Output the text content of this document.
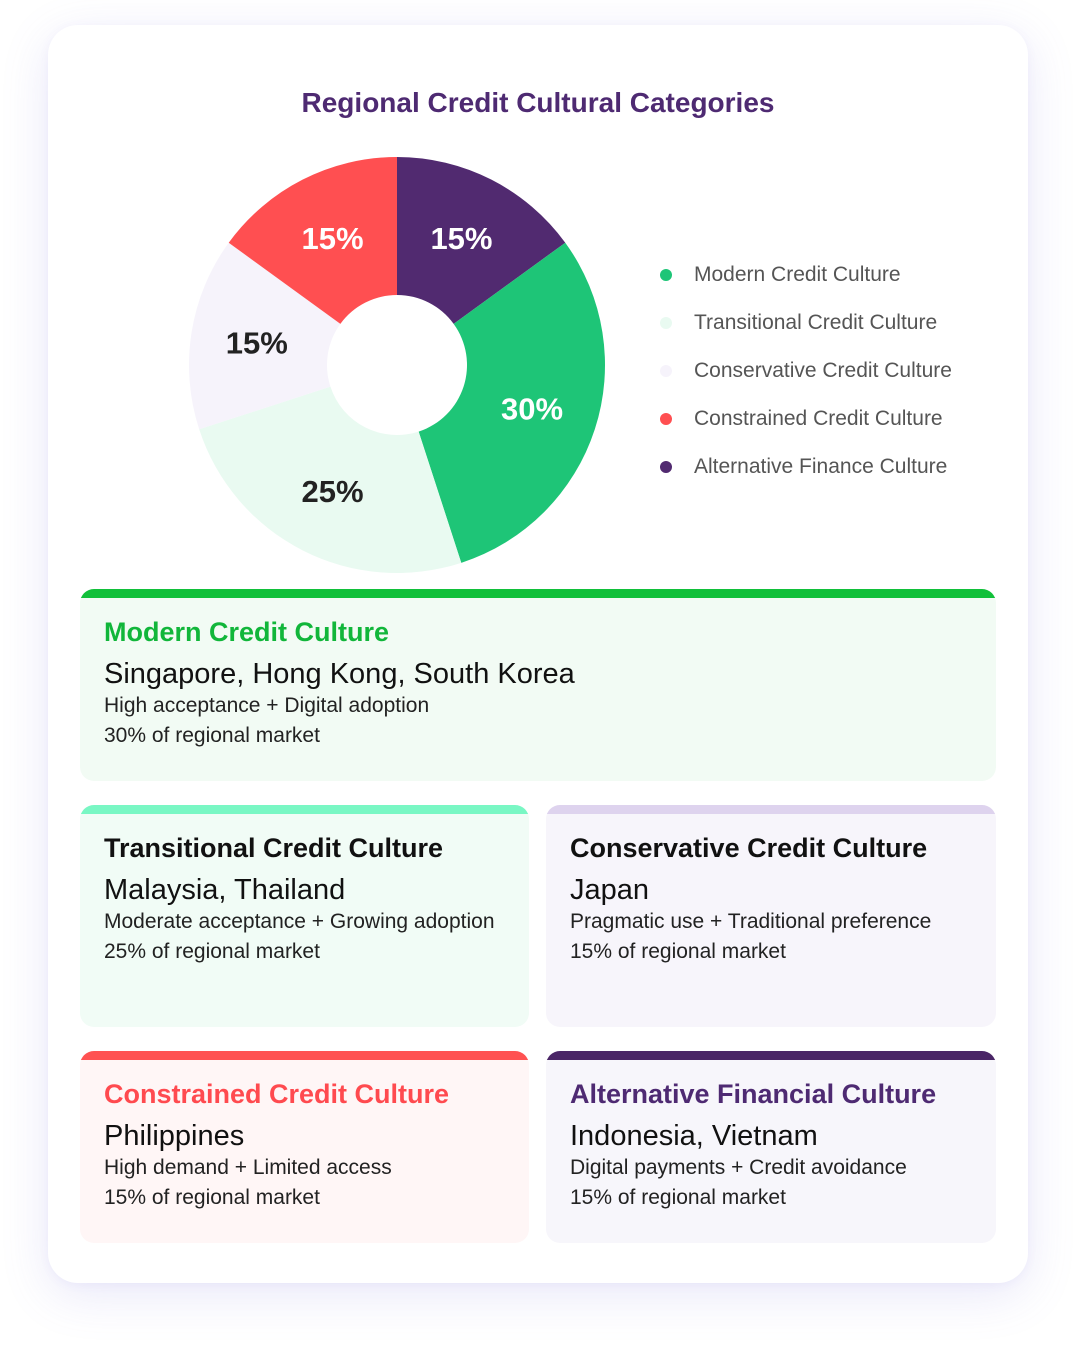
Regional Credit Cultural Categories
15%
30%
25%
15%
15%
Modern Credit Culture
Transitional Credit Culture
Conservative Credit Culture
Constrained Credit Culture
Alternative Finance Culture
Modern Credit Culture
Singapore, Hong Kong, South Korea
High acceptance + Digital adoption
30% of regional market
Transitional Credit Culture
Malaysia, Thailand
Moderate acceptance + Growing adoption
25% of regional market
Conservative Credit Culture
Japan
Pragmatic use + Traditional preference
15% of regional market
Constrained Credit Culture
Philippines
High demand + Limited access
15% of regional market
Alternative Financial Culture
Indonesia, Vietnam
Digital payments + Credit avoidance
15% of regional market
